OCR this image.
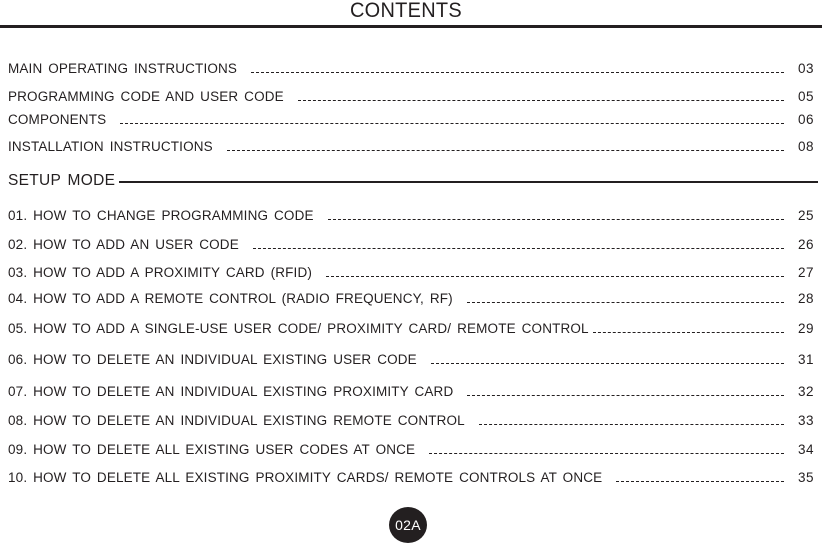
CONTENTS
MAIN OPERATING INSTRUCTIONS	03
PROGRAMMING CODE AND USER CODE	05
COMPONENTS	06
INSTALLATION INSTRUCTIONS	08
SETUP MODE
01. HOW TO CHANGE PROGRAMMING CODE	25
02. HOW TO ADD AN USER CODE	26
03. HOW TO ADD A PROXIMITY CARD (RFID)	27
04. HOW TO ADD A REMOTE CONTROL (RADIO FREQUENCY, RF)	28
05. HOW TO ADD A SINGLE-USE USER CODE/ PROXIMITY CARD/ REMOTE CONTROL	29
06. HOW TO DELETE AN INDIVIDUAL EXISTING USER CODE	31
07. HOW TO DELETE AN INDIVIDUAL EXISTING PROXIMITY CARD	32
08. HOW TO DELETE AN INDIVIDUAL EXISTING REMOTE CONTROL	33
09. HOW TO DELETE ALL EXISTING USER CODES AT ONCE	34
10. HOW TO DELETE ALL EXISTING PROXIMITY CARDS/ REMOTE CONTROLS AT ONCE	35
02A
